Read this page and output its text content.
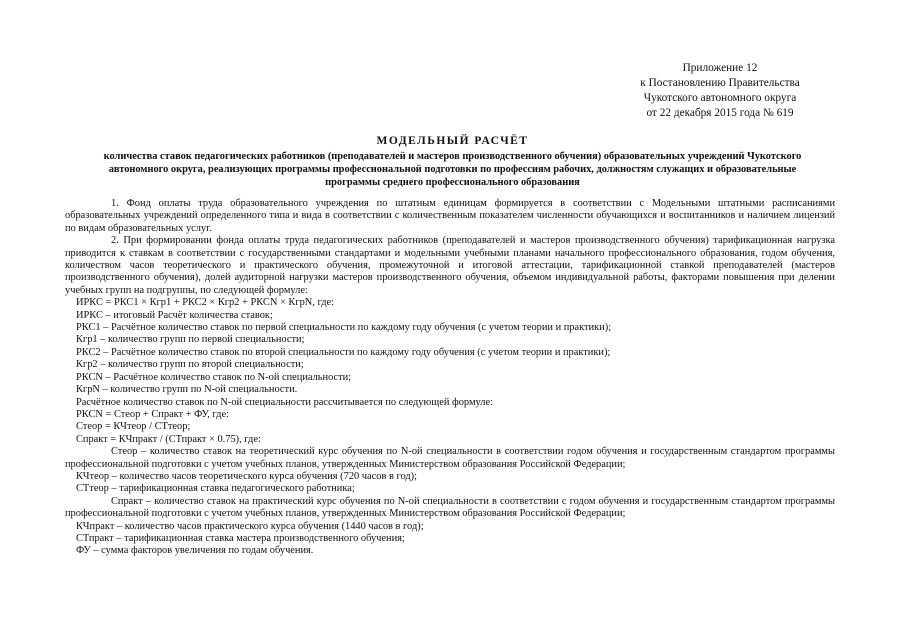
Приложение 12
к Постановлению Правительства
Чукотского автономного округа
от 22 декабря 2015 года № 619
МОДЕЛЬНЫЙ РАСЧЁТ
количества ставок педагогических работников (преподавателей и мастеров производственного обучения) образовательных учреждений Чукотского
автономного округа, реализующих программы профессиональной подготовки по профессиям рабочих, должностям служащих и образовательные
программы среднего профессионального образования

1. Фонд оплаты труда образовательного учреждения по штатным единицам формируется в соответствии с Модельными штатными расписаниями образовательных учреждений определенного типа и вида в соответствии с количественным показателем численности обучающихся и воспитанников и наличием лицензий по видам образовательных услуг.

2. При формировании фонда оплаты труда педагогических работников (преподавателей и мастеров производственного обучения) тарификационная нагрузка приводится к ставкам в соответствии с государственными стандартами и модельными учебными планами начального профессионального образования, годом обучения, количеством часов теоретического и практического обучения, промежуточной и итоговой аттестации, тарификационной ставкой преподавателей (мастеров производственного обучения), долей аудиторной нагрузки мастеров производственного обучения, объемом индивидуальной работы, факторами повышения при делении учебных групп на подгруппы, по следующей формуле:

ИРКС = РКС1 × Кгр1 + РКС2 × Кгр2 + РКСN × КгрN, где:

ИРКС – итоговый Расчёт количества ставок;

РКС1 – Расчётное количество ставок по первой специальности по каждому году обучения (с учетом теории и практики);

Кгр1 – количество групп по первой специальности;

РКС2 – Расчётное количество ставок по второй специальности по каждому году обучения (с учетом теории и практики);

Кгр2 – количество групп по второй специальности;

РКСN – Расчётное количество ставок по N-ой специальности;

КгрN – количество групп по N-ой специальности.

Расчётное количество ставок по N-ой специальности рассчитывается по следующей формуле:

РКСN = Стеор + Спракт + ФУ, где:

Стеор = КЧтеор / СТтеор;

Спракт = КЧпракт / (СТпракт × 0.75), где:

Стеор – количество ставок на теоретический курс обучения по N-ой специальности в соответствии годом обучения и государственным стандартом программы профессиональной подготовки с учетом учебных планов, утвержденных Министерством образования Российской Федерации;

КЧтеор – количество часов теоретического курса обучения (720 часов в год);

СТтеор – тарификационная ставка педагогического работника;

Спракт – количество ставок на практический курс обучения по N-ой специальности в соответствии с годом обучения и государственным стандартом программы профессиональной подготовки с учетом учебных планов, утвержденных Министерством образования Российской Федерации;

КЧпракт – количество часов практического курса обучения (1440 часов в год);

СТпракт – тарификационная ставка мастера производственного обучения;

ФУ – сумма факторов увеличения по годам обучения.
